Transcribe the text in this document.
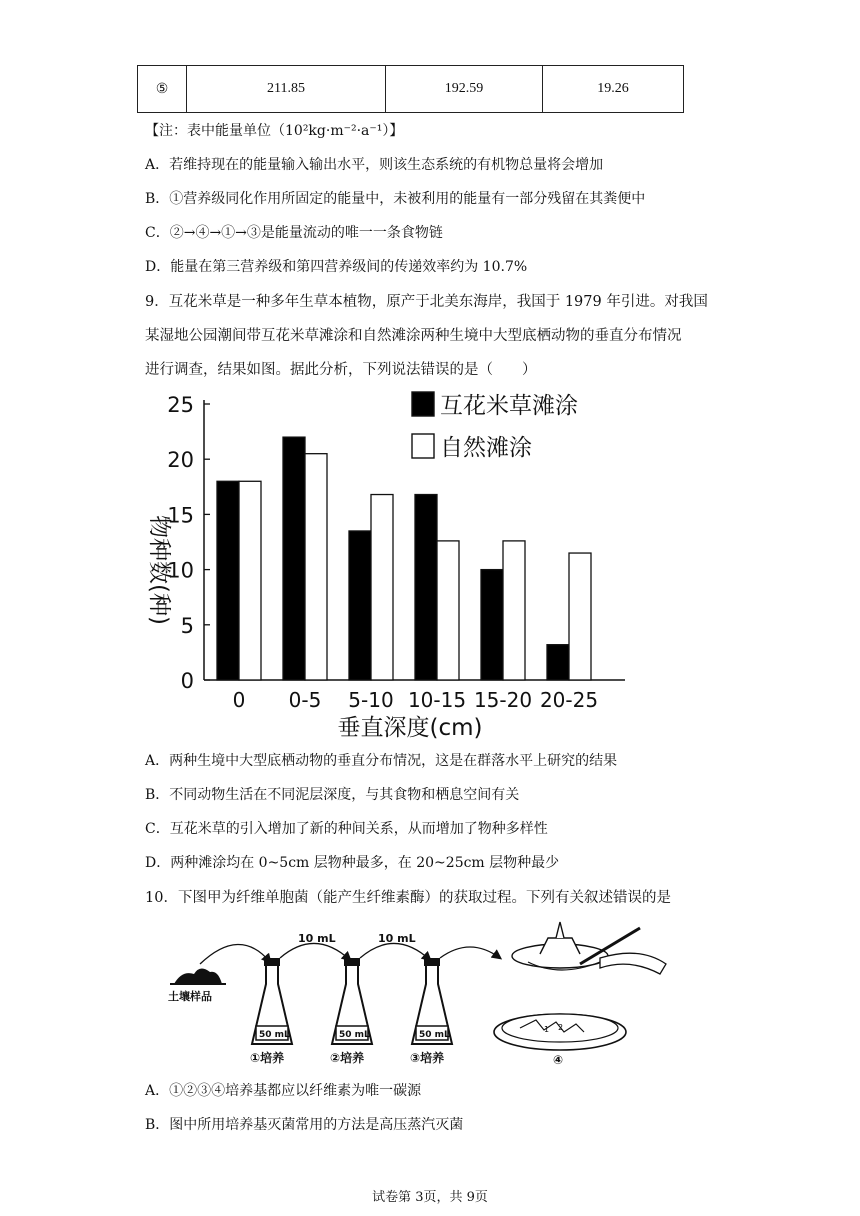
⑤	211.85	192.59	19.26
【注：表中能量单位（10²kg·m⁻²·a⁻¹）】
A．若维持现在的能量输入输出水平，则该生态系统的有机物总量将会增加
B．①营养级同化作用所固定的能量中，未被利用的能量有一部分残留在其粪便中
C．②→④→①→③是能量流动的唯一一条食物链
D．能量在第三营养级和第四营养级间的传递效率约为 10.7%
9．互花米草是一种多年生草本植物，原产于北美东海岸，我国于 1979 年引进。对我国
某湿地公园潮间带互花米草滩涂和自然滩涂两种生境中大型底栖动物的垂直分布情况
进行调查，结果如图。据此分析，下列说法错误的是（　　）
0
5
10
15
20
25
0 0-5 5-10 10-15 15-20 20-25
垂直深度(cm)
物种数(种)
互花米草滩涂
自然滩涂
A．两种生境中大型底栖动物的垂直分布情况，这是在群落水平上研究的结果
B．不同动物生活在不同泥层深度，与其食物和栖息空间有关
C．互花米草的引入增加了新的种间关系，从而增加了物种多样性
D．两种滩涂均在 0~5cm 层物种最多，在 20~25cm 层物种最少
10．下图甲为纤维单胞菌（能产生纤维素酶）的获取过程。下列有关叙述错误的是
土壤样品
10 mL	10 mL
50 mL	50 mL	50 mL
1 2
①培养	②培养	③培养	④
A．①②③④培养基都应以纤维素为唯一碳源
B．图中所用培养基灭菌常用的方法是高压蒸汽灭菌
试卷第 3页，共 9页
